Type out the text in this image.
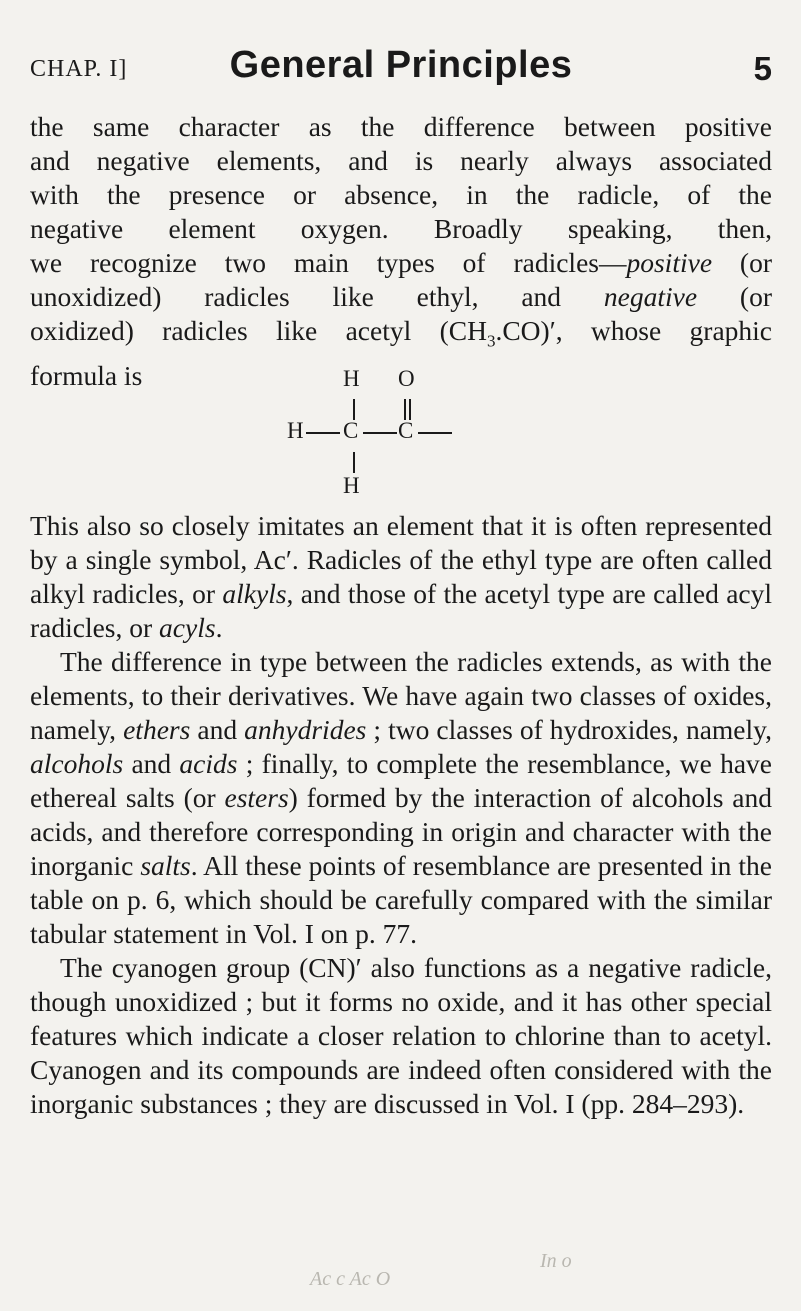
CHAP. I]	General Principles	5
the same character as the difference between positive
and negative elements, and is nearly always associated
with the presence or absence, in the radicle, of the
negative element oxygen. Broadly speaking, then,
we recognize two main types of radicles—positive (or
unoxidized) radicles like ethyl, and negative (or
oxidized) radicles like acetyl $(CH_3.CO)'$, whose graphic
formula is	H O
H C C
H

This also so closely imitates an element that it is often represented by a single symbol, Ac′. Radicles of the ethyl type are often called alkyl radicles, or alkyls, and those of the acetyl type are called acyl radicles, or acyls.

The difference in type between the radicles extends, as with the elements, to their derivatives. We have again two classes of oxides, namely, ethers and anhydrides ; two classes of hydroxides, namely, alcohols and acids ; finally, to complete the resemblance, we have ethereal salts (or esters) formed by the interaction of alcohols and acids, and therefore corresponding in origin and character with the inorganic salts. All these points of resemblance are presented in the table on p. 6, which should be carefully compared with the similar tabular statement in Vol. I on p. 77.

The cyanogen group (CN)′ also functions as a negative radicle, though unoxidized ; but it forms no oxide, and it has other special features which indicate a closer relation to chlorine than to acetyl. Cyanogen and its compounds are indeed often considered with the inorganic substances ; they are discussed in Vol. I (pp. 284–293).

Ac c Ac O
In o
